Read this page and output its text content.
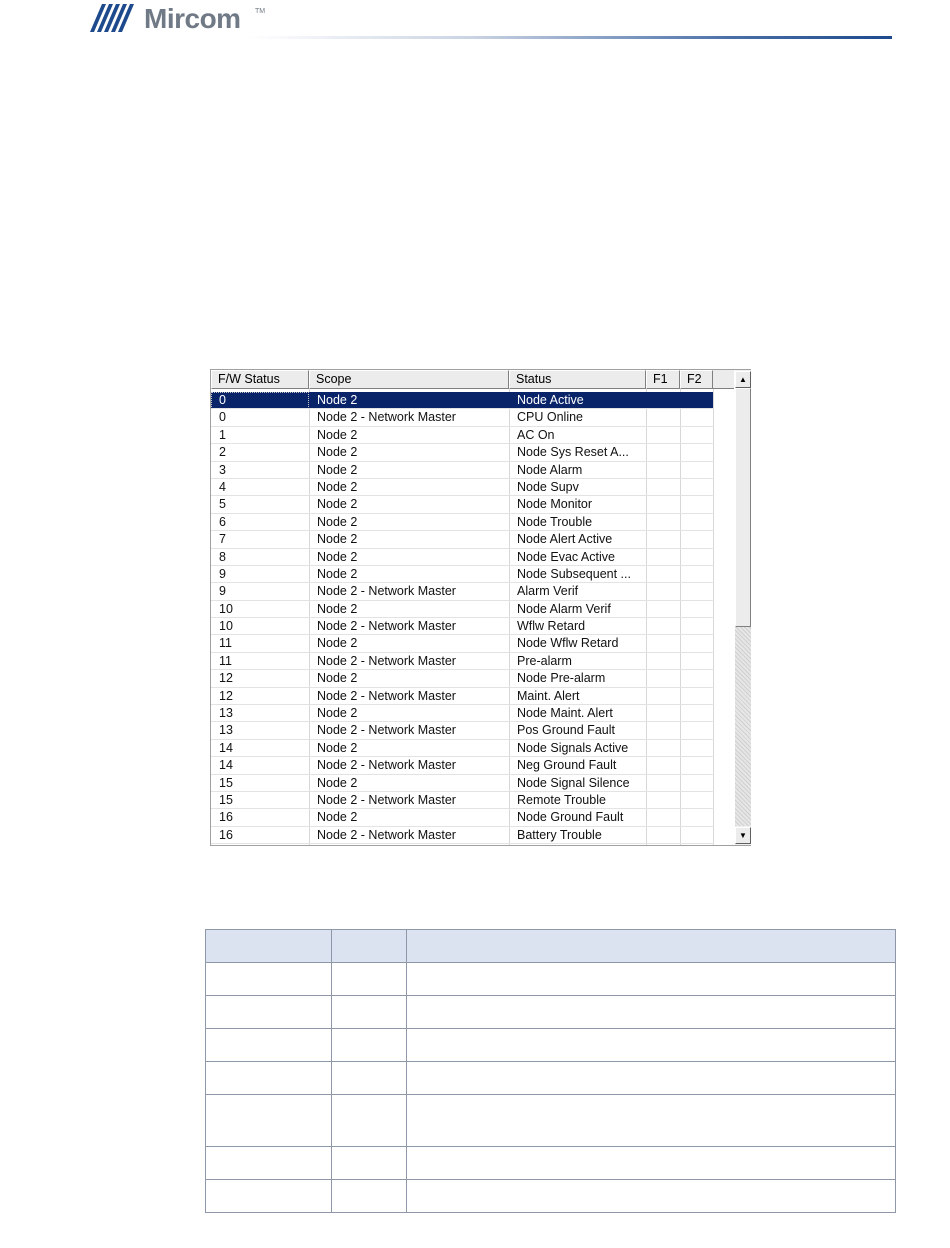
Mircom TM
F/W Status	Scope	Status	F1	F2
0	Node 2	Node Active
0	Node 2 - Network Master	CPU Online
1	Node 2	AC On
2	Node 2	Node Sys Reset A...
3	Node 2	Node Alarm
4	Node 2	Node Supv
5	Node 2	Node Monitor
6	Node 2	Node Trouble
7	Node 2	Node Alert Active
8	Node 2	Node Evac Active
9	Node 2	Node Subsequent ...
9	Node 2 - Network Master	Alarm Verif
10	Node 2	Node Alarm Verif
10	Node 2 - Network Master	Wflw Retard
11	Node 2	Node Wflw Retard
11	Node 2 - Network Master	Pre-alarm
12	Node 2	Node Pre-alarm
12	Node 2 - Network Master	Maint. Alert
13	Node 2	Node Maint. Alert
13	Node 2 - Network Master	Pos Ground Fault
14	Node 2	Node Signals Active
14	Node 2 - Network Master	Neg Ground Fault
15	Node 2	Node Signal Silence
15	Node 2 - Network Master	Remote Trouble
16	Node 2	Node Ground Fault
16	Node 2 - Network Master	Battery Trouble
▲
▼
